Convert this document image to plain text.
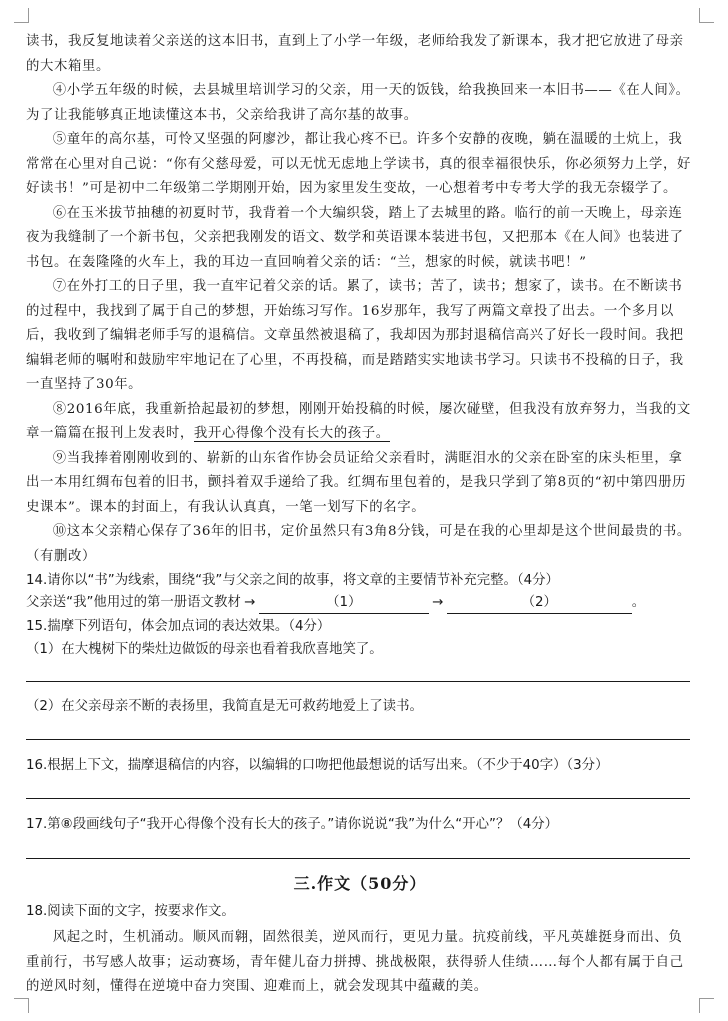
读书，我反复地读着父亲送的这本旧书，直到上了小学一年级，老师给我发了新课本，我才把它放进了母亲的大木箱里。

④小学五年级的时候，去县城里培训学习的父亲，用一天的饭钱，给我换回来一本旧书——《在人间》。为了让我能够真正地读懂这本书，父亲给我讲了高尔基的故事。

⑤童年的高尔基，可怜又坚强的阿廖沙，都让我心疼不已。许多个安静的夜晚，躺在温暖的土炕上，我常常在心里对自己说：“你有父慈母爱，可以无忧无虑地上学读书，真的很幸福很快乐，你必须努力上学，好好读书！”可是初中二年级第二学期刚开始，因为家里发生变故，一心想着考中专考大学的我无奈辍学了。

⑥在玉米拔节抽穗的初夏时节，我背着一个大编织袋，踏上了去城里的路。临行的前一天晚上，母亲连夜为我缝制了一个新书包，父亲把我刚发的语文、数学和英语课本装进书包，又把那本《在人间》也装进了书包。在轰隆隆的火车上，我的耳边一直回响着父亲的话：“兰，想家的时候，就读书吧！”

⑦在外打工的日子里，我一直牢记着父亲的话。累了，读书；苦了，读书；想家了，读书。在不断读书的过程中，我找到了属于自己的梦想，开始练习写作。16岁那年，我写了两篇文章投了出去。一个多月以后，我收到了编辑老师手写的退稿信。文章虽然被退稿了，我却因为那封退稿信高兴了好长一段时间。我把编辑老师的嘱咐和鼓励牢牢地记在了心里，不再投稿，而是踏踏实实地读书学习。只读书不投稿的日子，我一直坚持了30年。

⑧2016年底，我重新拾起最初的梦想，刚刚开始投稿的时候，屡次碰壁，但我没有放弃努力，当我的文章一篇篇在报刊上发表时，我开心得像个没有长大的孩子。

⑨当我捧着刚刚收到的、崭新的山东省作协会员证给父亲看时，满眶泪水的父亲在卧室的床头柜里，拿出一本用红绸布包着的旧书，颤抖着双手递给了我。红绸布里包着的，是我只学到了第8页的“初中第四册历史课本”。课本的封面上，有我认认真真，一笔一划写下的名字。

⑩这本父亲精心保存了36年的旧书，定价虽然只有3角8分钱，可是在我的心里却是这个世间最贵的书。

（有删改）

14.请你以“书”为线索，围绕“我”与父亲之间的故事，将文章的主要情节补充完整。（4分）

父亲送“我”他用过的第一册语文教材 →	（1）	→	（2）	。

15.揣摩下列语句，体会加点词的表达效果。（4分）

（1）在大槐树下的柴灶边做饭的母亲也看着我欣喜地笑了。

（2）在父亲母亲不断的表扬里，我简直是无可救药地爱上了读书。

16.根据上下文，揣摩退稿信的内容，以编辑的口吻把他最想说的话写出来。（不少于40字）（3分）

17.第⑧段画线句子“我开心得像个没有长大的孩子。”请你说说“我”为什么“开心”？（4分）

三.作文（50分）

18.阅读下面的文字，按要求作文。

风起之时，生机涌动。顺风而翱，固然很美，逆风而行，更见力量。抗疫前线，平凡英雄挺身而出、负重前行，书写感人故事；运动赛场，青年健儿奋力拼搏、挑战极限，获得骄人佳绩……每个人都有属于自己的逆风时刻，懂得在逆境中奋力突围、迎难而上，就会发现其中蕴藏的美。
